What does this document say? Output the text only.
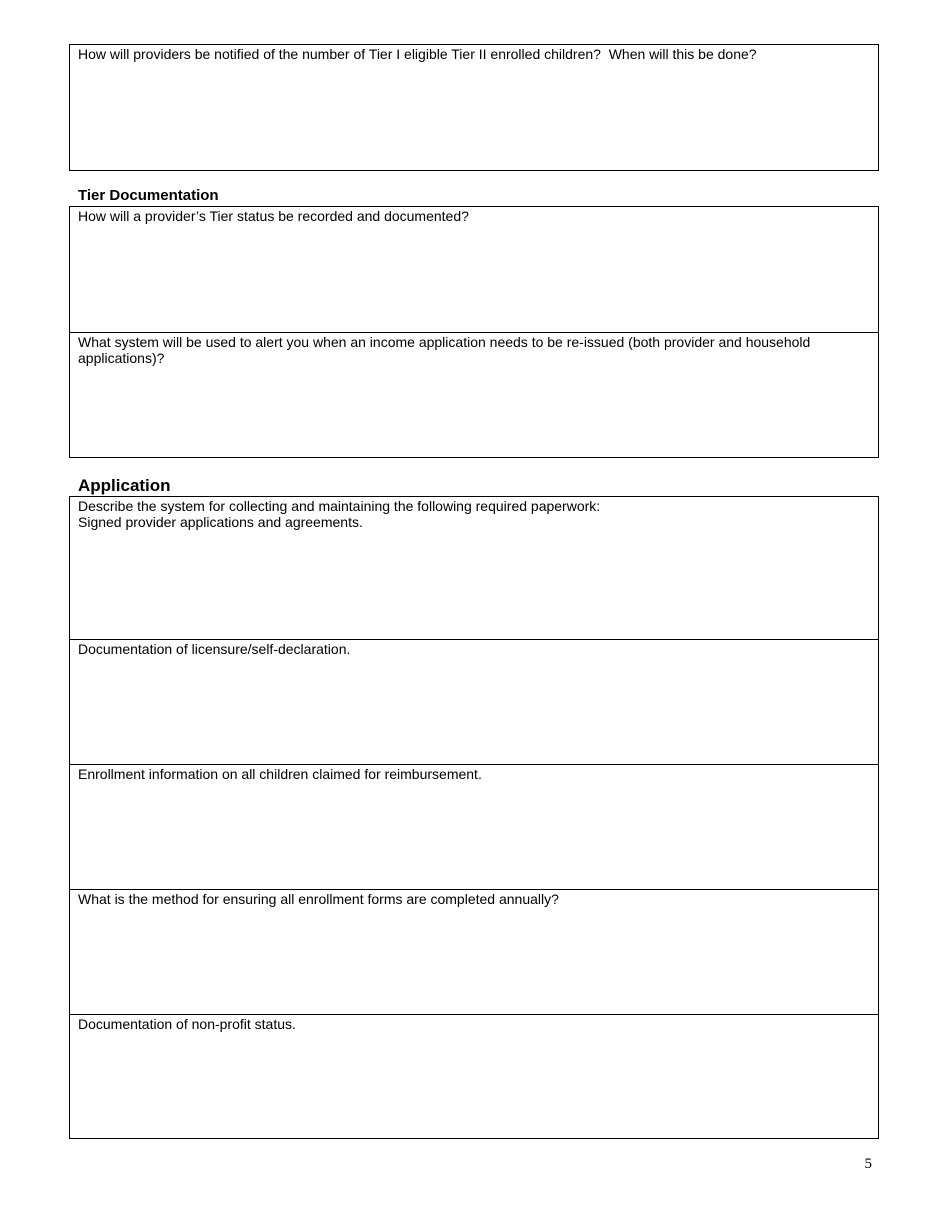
How will providers be notified of the number of Tier I eligible Tier II enrolled children?  When will this be done?
Tier Documentation
How will a provider’s Tier status be recorded and documented?
What system will be used to alert you when an income application needs to be re-issued (both provider and household applications)?
Application
Describe the system for collecting and maintaining the following required paperwork:
Signed provider applications and agreements.
Documentation of licensure/self-declaration.
Enrollment information on all children claimed for reimbursement.
What is the method for ensuring all enrollment forms are completed annually?
Documentation of non-profit status.
5
